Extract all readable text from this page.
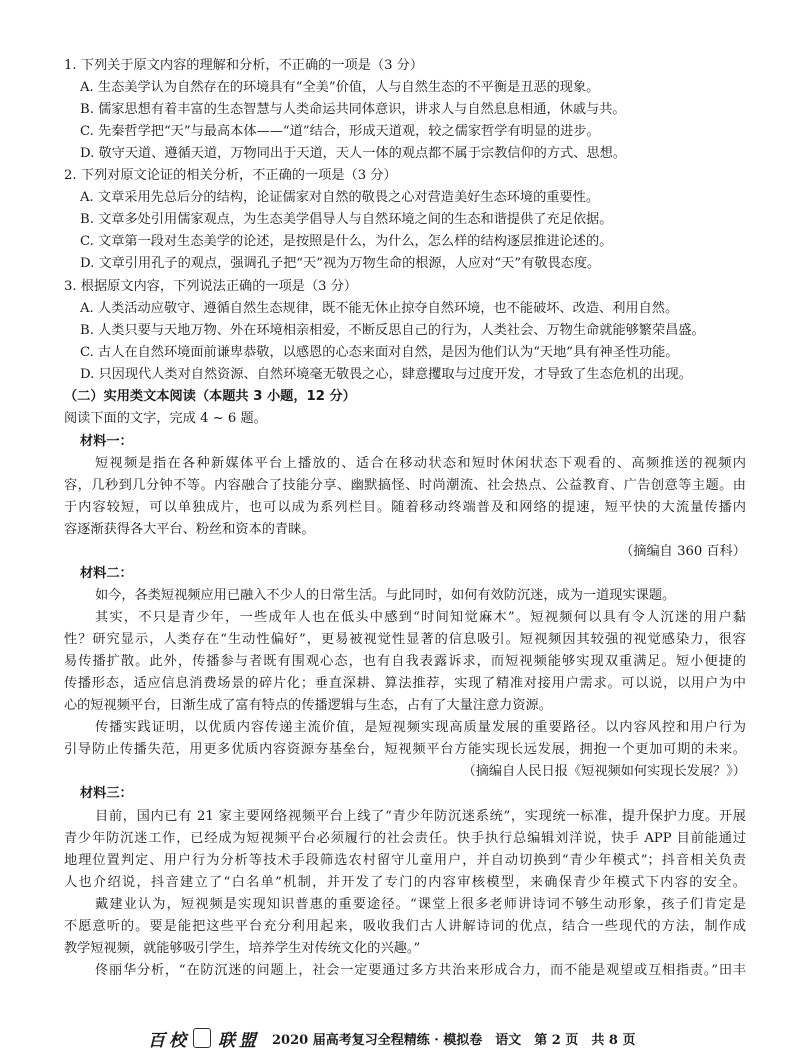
1. 下列关于原文内容的理解和分析，不正确的一项是（3 分）
A. 生态美学认为自然存在的环境具有“全美”价值，人与自然生态的不平衡是丑恶的现象。
B. 儒家思想有着丰富的生态智慧与人类命运共同体意识，讲求人与自然息息相通，休戚与共。
C. 先秦哲学把“天”与最高本体——“道”结合，形成天道观，较之儒家哲学有明显的进步。
D. 敬守天道、遵循天道，万物同出于天道，天人一体的观点都不属于宗教信仰的方式、思想。
2. 下列对原文论证的相关分析，不正确的一项是（3 分）
A. 文章采用先总后分的结构，论证儒家对自然的敬畏之心对营造美好生态环境的重要性。
B. 文章多处引用儒家观点，为生态美学倡导人与自然环境之间的生态和谐提供了充足依据。
C. 文章第一段对生态美学的论述，是按照是什么，为什么，怎么样的结构逐层推进论述的。
D. 文章引用孔子的观点，强调孔子把“天”视为万物生命的根源，人应对“天”有敬畏态度。
3. 根据原文内容，下列说法正确的一项是（3 分）
A. 人类活动应敬守、遵循自然生态规律，既不能无休止掠夺自然环境，也不能破坏、改造、利用自然。
B. 人类只要与天地万物、外在环境相亲相爱，不断反思自己的行为，人类社会、万物生命就能够繁荣昌盛。
C. 古人在自然环境面前谦卑恭敬，以感恩的心态来面对自然，是因为他们认为“天地”具有神圣性功能。
D. 只因现代人类对自然资源、自然环境毫无敬畏之心，肆意攫取与过度开发，才导致了生态危机的出现。
（二）实用类文本阅读（本题共 3 小题，12 分）
阅读下面的文字，完成 4 ~ 6 题。
材料一：
短视频是指在各种新媒体平台上播放的、适合在移动状态和短时休闲状态下观看的、高频推送的视频内
容，几秒到几分钟不等。内容融合了技能分享、幽默搞怪、时尚潮流、社会热点、公益教育、广告创意等主题。由
于内容较短，可以单独成片，也可以成为系列栏目。随着移动终端普及和网络的提速，短平快的大流量传播内
容逐渐获得各大平台、粉丝和资本的青睐。
（摘编自 360 百科）
材料二：
如今，各类短视频应用已融入不少人的日常生活。与此同时，如何有效防沉迷，成为一道现实课题。
其实，不只是青少年，一些成年人也在低头中感到“时间知觉麻木”。短视频何以具有令人沉迷的用户黏
性？研究显示，人类存在“生动性偏好”，更易被视觉性显著的信息吸引。短视频因其较强的视觉感染力，很容
易传播扩散。此外，传播参与者既有围观心态，也有自我表露诉求，而短视频能够实现双重满足。短小便捷的
传播形态，适应信息消费场景的碎片化；垂直深耕、算法推荐，实现了精准对接用户需求。可以说，以用户为中
心的短视频平台，日渐生成了富有特点的传播逻辑与生态，占有了大量注意力资源。
传播实践证明，以优质内容传递主流价值，是短视频实现高质量发展的重要路径。以内容风控和用户行为
引导防止传播失范，用更多优质内容资源夯基垒台，短视频平台方能实现长远发展，拥抱一个更加可期的未来。
（摘编自人民日报《短视频如何实现长发展？》）
材料三：
目前，国内已有 21 家主要网络视频平台上线了“青少年防沉迷系统”，实现统一标准，提升保护力度。开展
青少年防沉迷工作，已经成为短视频平台必须履行的社会责任。快手执行总编辑刘洋说，快手 APP 目前能通过
地理位置判定、用户行为分析等技术手段筛选农村留守儿童用户，并自动切换到“青少年模式”；抖音相关负责
人也介绍说，抖音建立了“白名单”机制，并开发了专门的内容审核模型，来确保青少年模式下内容的安全。
戴建业认为，短视频是实现知识普惠的重要途径。“课堂上很多老师讲诗词不够生动形象，孩子们肯定是
不愿意听的。要是能把这些平台充分利用起来，吸收我们古人讲解诗词的优点，结合一些现代的方法，制作成
教学短视频，就能够吸引学生，培养学生对传统文化的兴趣。”
佟丽华分析，“在防沉迷的问题上，社会一定要通过多方共治来形成合力，而不能是观望或互相指责。”田丰
百校 联盟 2020 届高考复习全程精练 · 模拟卷　语文　第 2 页　共 8 页
